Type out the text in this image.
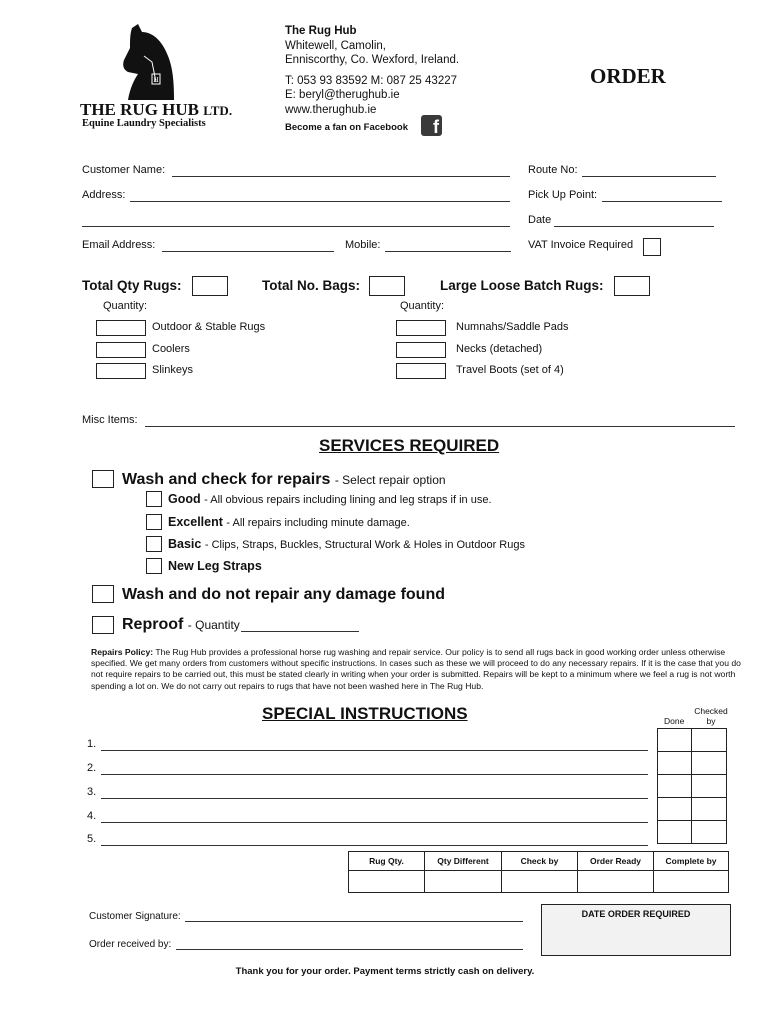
H
THE RUG HUB LTD.
Equine Laundry Specialists
The Rug Hub
Whitewell, Camolin,
Enniscorthy, Co. Wexford, Ireland.
T: 053 93 83592 M: 087 25 43227
E: beryl@therughub.ie
www.therughub.ie
Become a fan on Facebook	f
ORDER
Customer Name:	Route No:
Address:	Pick Up Point:
Date
Email Address:	Mobile:	VAT Invoice Required
Total Qty Rugs:	Total No. Bags:	Large Loose Batch Rugs:
Quantity:	Quantity:
Outdoor & Stable Rugs
Coolers
Slinkeys
Numnahs/Saddle Pads
Necks (detached)
Travel Boots (set of 4)
Misc Items:
SERVICES REQUIRED
Wash and check for repairs - Select repair option
Good - All obvious repairs including lining and leg straps if in use.
Excellent - All repairs including minute damage.
Basic - Clips, Straps, Buckles, Structural Work & Holes in Outdoor Rugs
New Leg Straps
Wash and do not repair any damage found
Reproof - Quantity
Repairs Policy: The Rug Hub provides a professional horse rug washing and repair service. Our policy is to send all rugs back in good working order unless otherwise specified. We get many orders from customers without specific instructions. In cases such as these we will proceed to do any necessary repairs. If it is the case that you do not require repairs to be carried out, this must be stated clearly in writing when your order is submitted. Repairs will be kept to a minimum where we feel a rug is not worth spending a lot on. We do not carry out repairs to rugs that have not been washed here in The Rug Hub.
SPECIAL INSTRUCTIONS	Done
Checked by
1.
2.
3.
4.
5.

Rug Qty.	Qty Different	Check by	Order Ready	Complete by

Customer Signature:
Order received by:
DATE ORDER REQUIRED
Thank you for your order. Payment terms strictly cash on delivery.
